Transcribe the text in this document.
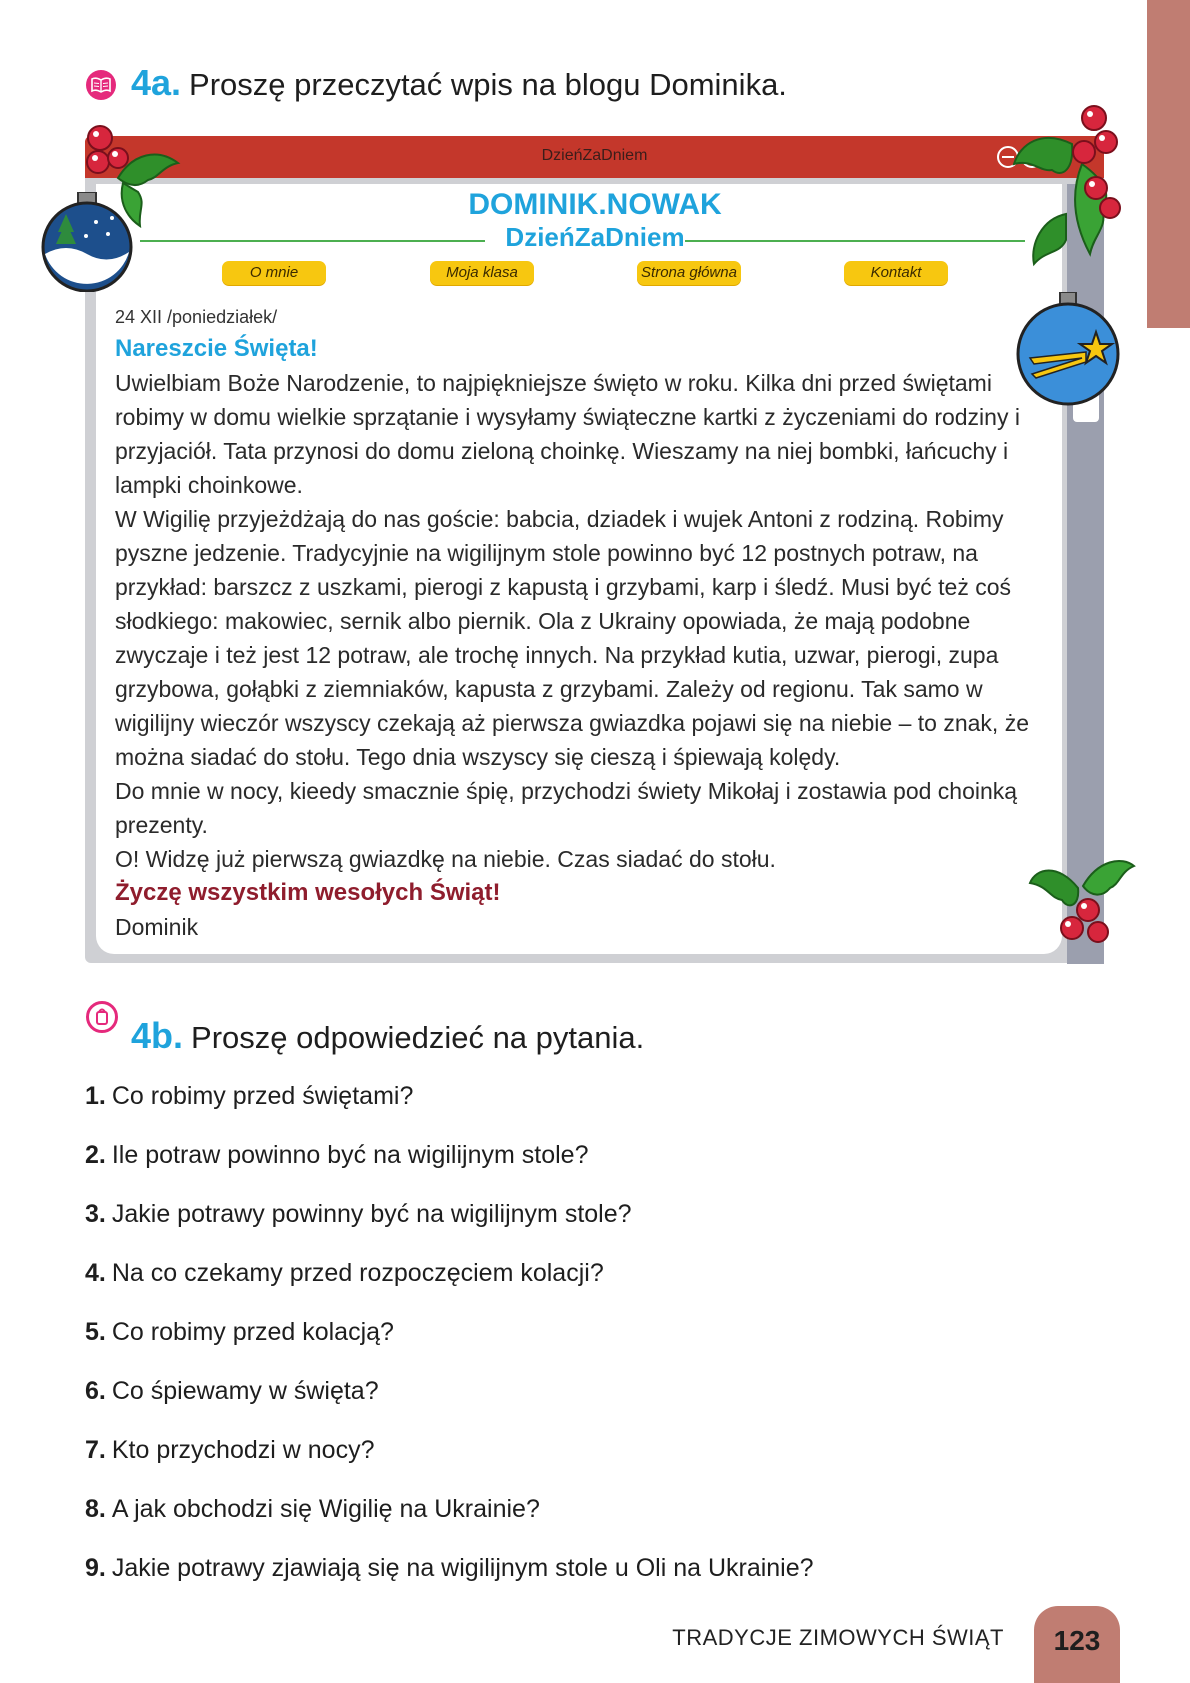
4a. Proszę przeczytać wpis na blogu Dominika.
DzieńZaDniem
DOMINIK.NOWAK
DzieńZaDniem
O mnie	Moja klasa	Strona główna	Kontakt
24 XII /poniedziałek/
Nareszcie Święta!

Uwielbiam Boże Narodzenie, to najpiękniejsze święto w roku. Kilka dni przed świętami robimy w domu wielkie sprzątanie i wysyłamy świąteczne kartki z życzeniami do rodziny i przyjaciół. Tata przynosi do domu zieloną choinkę. Wieszamy na niej bombki, łańcuchy i lampki choinkowe.

W Wigilię przyjeżdżają do nas goście: babcia, dziadek i wujek Antoni z rodziną. Robimy pyszne jedzenie. Tradycyjnie na wigilijnym stole powinno być 12 postnych potraw, na przykład: barszcz z uszkami, pierogi z kapustą i grzybami, karp i śledź. Musi być też coś słodkiego: makowiec, sernik albo piernik. Ola z Ukrainy opowiada, że mają podobne zwyczaje i też jest 12 potraw, ale trochę innych. Na przykład kutia, uzwar, pierogi, zupa grzybowa, gołąbki z ziemniaków, kapusta z grzybami. Zależy od regionu. Tak samo w wigilijny wieczór wszyscy czekają aż pierwsza gwiazdka pojawi się na niebie – to znak, że można siadać do stołu. Tego dnia wszyscy się cieszą i śpiewają kolędy.

Do mnie w nocy, kieedy smacznie śpię, przychodzi świety Mikołaj i zostawia pod choinką prezenty.

O! Widzę już pierwszą gwiazdkę na niebie. Czas siadać do stołu.

Życzę wszystkim wesołych Świąt!
Dominik
4b. Proszę odpowiedzieć na pytania.
1. Co robimy przed świętami?
2. Ile potraw powinno być na wigilijnym stole?
3. Jakie potrawy powinny być na wigilijnym stole?
4. Na co czekamy przed rozpoczęciem kolacji?
5. Co robimy przed kolacją?
6. Co śpiewamy w święta?
7. Kto przychodzi w nocy?
8. A jak obchodzi się Wigilię na Ukrainie?
9. Jakie potrawy zjawiają się na wigilijnym stole u Oli na Ukrainie?
TRADYCJE ZIMOWYCH ŚWIĄT	123
